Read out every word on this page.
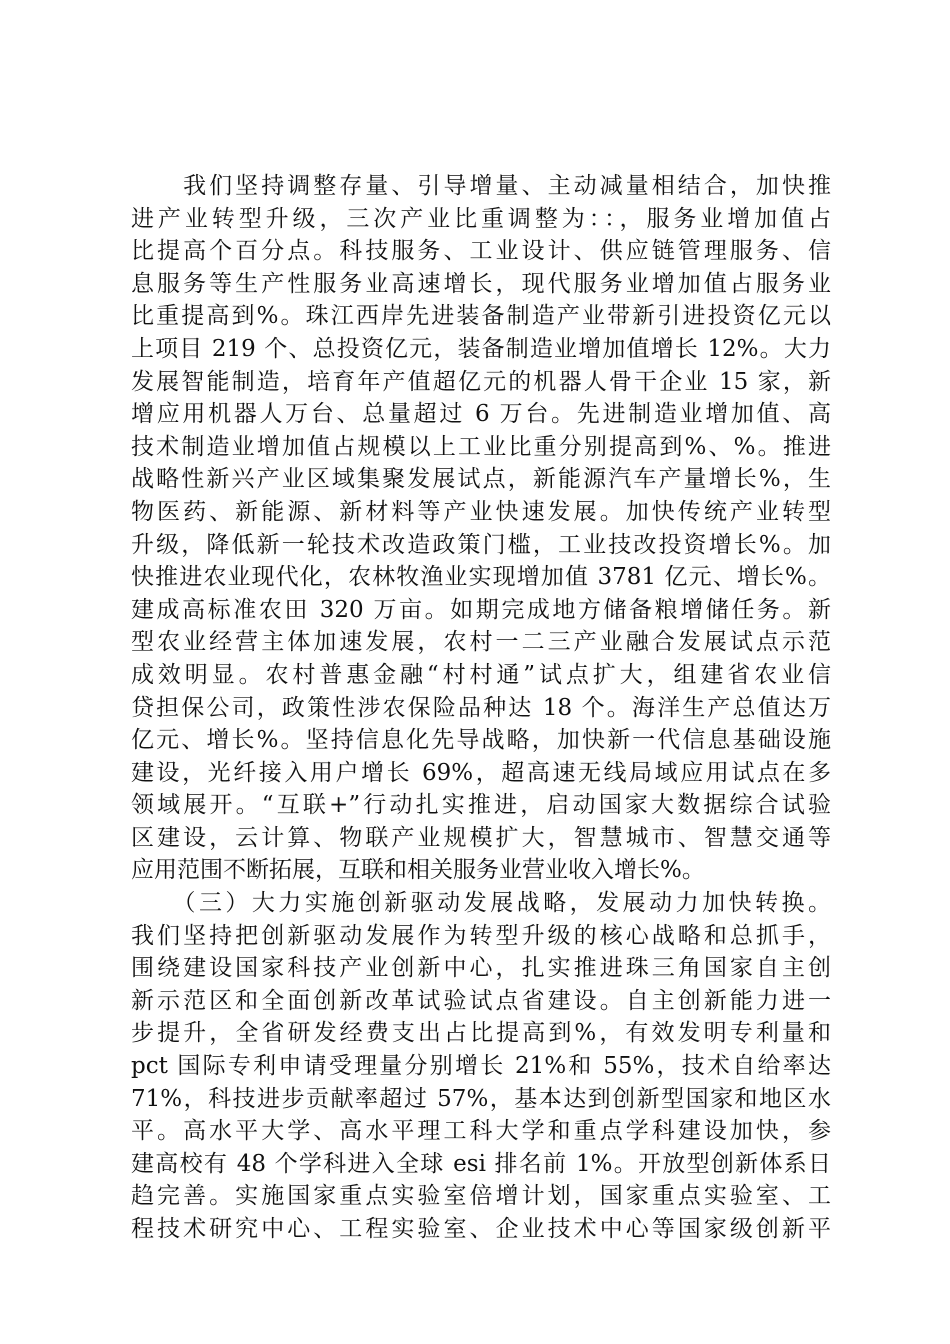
　　我们坚持调整存量、引导增量、主动减量相结合，加快推
进产业转型升级，三次产业比重调整为：：，服务业增加值占
比提高个百分点。科技服务、工业设计、供应链管理服务、信
息服务等生产性服务业高速增长，现代服务业增加值占服务业
比重提高到%。珠江西岸先进装备制造产业带新引进投资亿元以
上项目 219 个、总投资亿元，装备制造业增加值增长 12%。大力
发展智能制造，培育年产值超亿元的机器人骨干企业 15 家，新
增应用机器人万台、总量超过 6 万台。先进制造业增加值、高
技术制造业增加值占规模以上工业比重分别提高到%、%。推进
战略性新兴产业区域集聚发展试点，新能源汽车产量增长%，生
物医药、新能源、新材料等产业快速发展。加快传统产业转型
升级，降低新一轮技术改造政策门槛，工业技改投资增长%。加
快推进农业现代化，农林牧渔业实现增加值 3781 亿元、增长%。
建成高标准农田 320 万亩。如期完成地方储备粮增储任务。新
型农业经营主体加速发展，农村一二三产业融合发展试点示范
成效明显。农村普惠金融“村村通”试点扩大，组建省农业信
贷担保公司，政策性涉农保险品种达 18 个。海洋生产总值达万
亿元、增长%。坚持信息化先导战略，加快新一代信息基础设施
建设，光纤接入用户增长 69%，超高速无线局域应用试点在多
领域展开。“互联+”行动扎实推进，启动国家大数据综合试验
区建设，云计算、物联产业规模扩大，智慧城市、智慧交通等
应用范围不断拓展，互联和相关服务业营业收入增长%。
　　（三）大力实施创新驱动发展战略，发展动力加快转换。
我们坚持把创新驱动发展作为转型升级的核心战略和总抓手，
围绕建设国家科技产业创新中心，扎实推进珠三角国家自主创
新示范区和全面创新改革试验试点省建设。自主创新能力进一
步提升，全省研发经费支出占比提高到%，有效发明专利量和
pct 国际专利申请受理量分别增长 21%和 55%，技术自给率达
71%，科技进步贡献率超过 57%，基本达到创新型国家和地区水
平。高水平大学、高水平理工科大学和重点学科建设加快，参
建高校有 48 个学科进入全球 esi 排名前 1%。开放型创新体系日
趋完善。实施国家重点实验室倍增计划，国家重点实验室、工
程技术研究中心、工程实验室、企业技术中心等国家级创新平
